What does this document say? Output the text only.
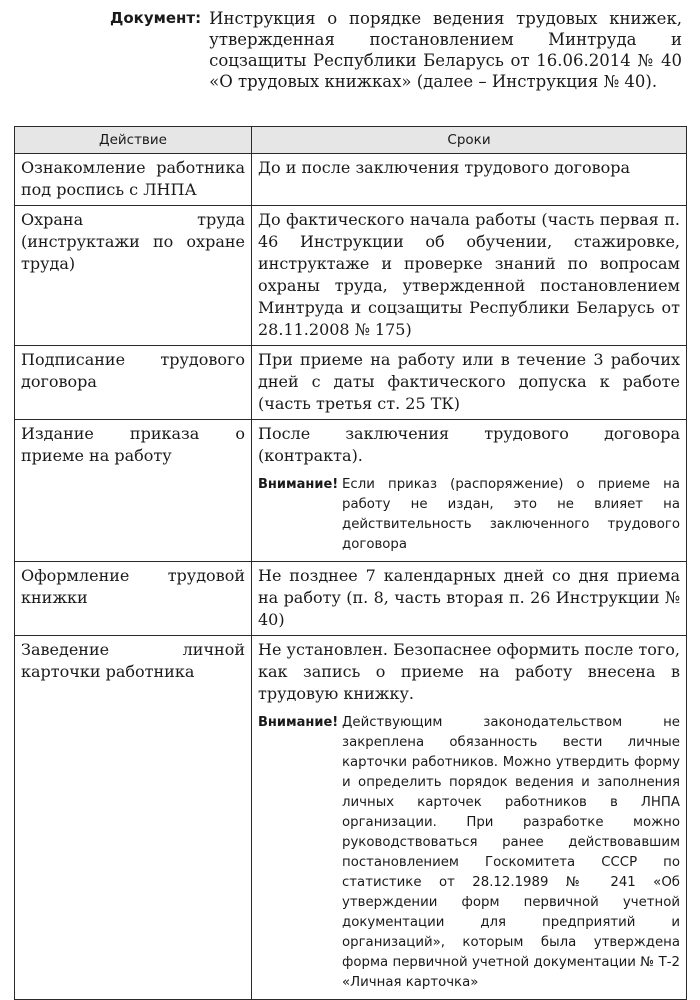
Документ: Инструкция о порядке ведения трудовых книжек, утвержденная постановлением Минтруда и соцзащиты Республики Беларусь от 16.06.2014 № 40 «О трудовых книжках» (далее – Инструкция № 40).
Действие	Сроки
Ознакомление работника под роспись с ЛНПА	До и после заключения трудового договора
Охрана труда (инструктажи по охране труда)	До фактического начала работы (часть первая п. 46 Инструкции об обучении, стажировке, инструктаже и проверке знаний по вопросам охраны труда, утвержденной постановлением Минтруда и соцзащиты Республики Беларусь от 28.11.2008 № 175)
Подписание трудового договора	При приеме на работу или в течение 3 рабочих дней с даты фактического допуска к работе (часть третья ст. 25 ТК)
Издание приказа о приеме на работу	После заключения трудового договора (контракта).
Внимание! Если приказ (распоряжение) о приеме на работу не издан, это не влияет на действительность заключенного трудового договора

Оформление трудовой книжки	Не позднее 7 календарных дней со дня приема на работу (п. 8, часть вторая п. 26 Инструкции № 40)
Заведение личной карточки работника	Не установлен. Безопаснее оформить после того, как запись о приеме на работу внесена в трудовую книжку.
Внимание! Действующим законодательством не закреплена обязанность вести личные карточки работников. Можно утвердить форму и определить порядок ведения и заполнения личных карточек работников в ЛНПА организации. При разработке можно руководствоваться ранее действовавшим постановлением Госкомитета СССР по статистике от 28.12.1989 № 241 «Об утверждении форм первичной учетной документации для предприятий и организаций», которым была утверждена форма первичной учетной документации № Т-2 «Личная карточка»
